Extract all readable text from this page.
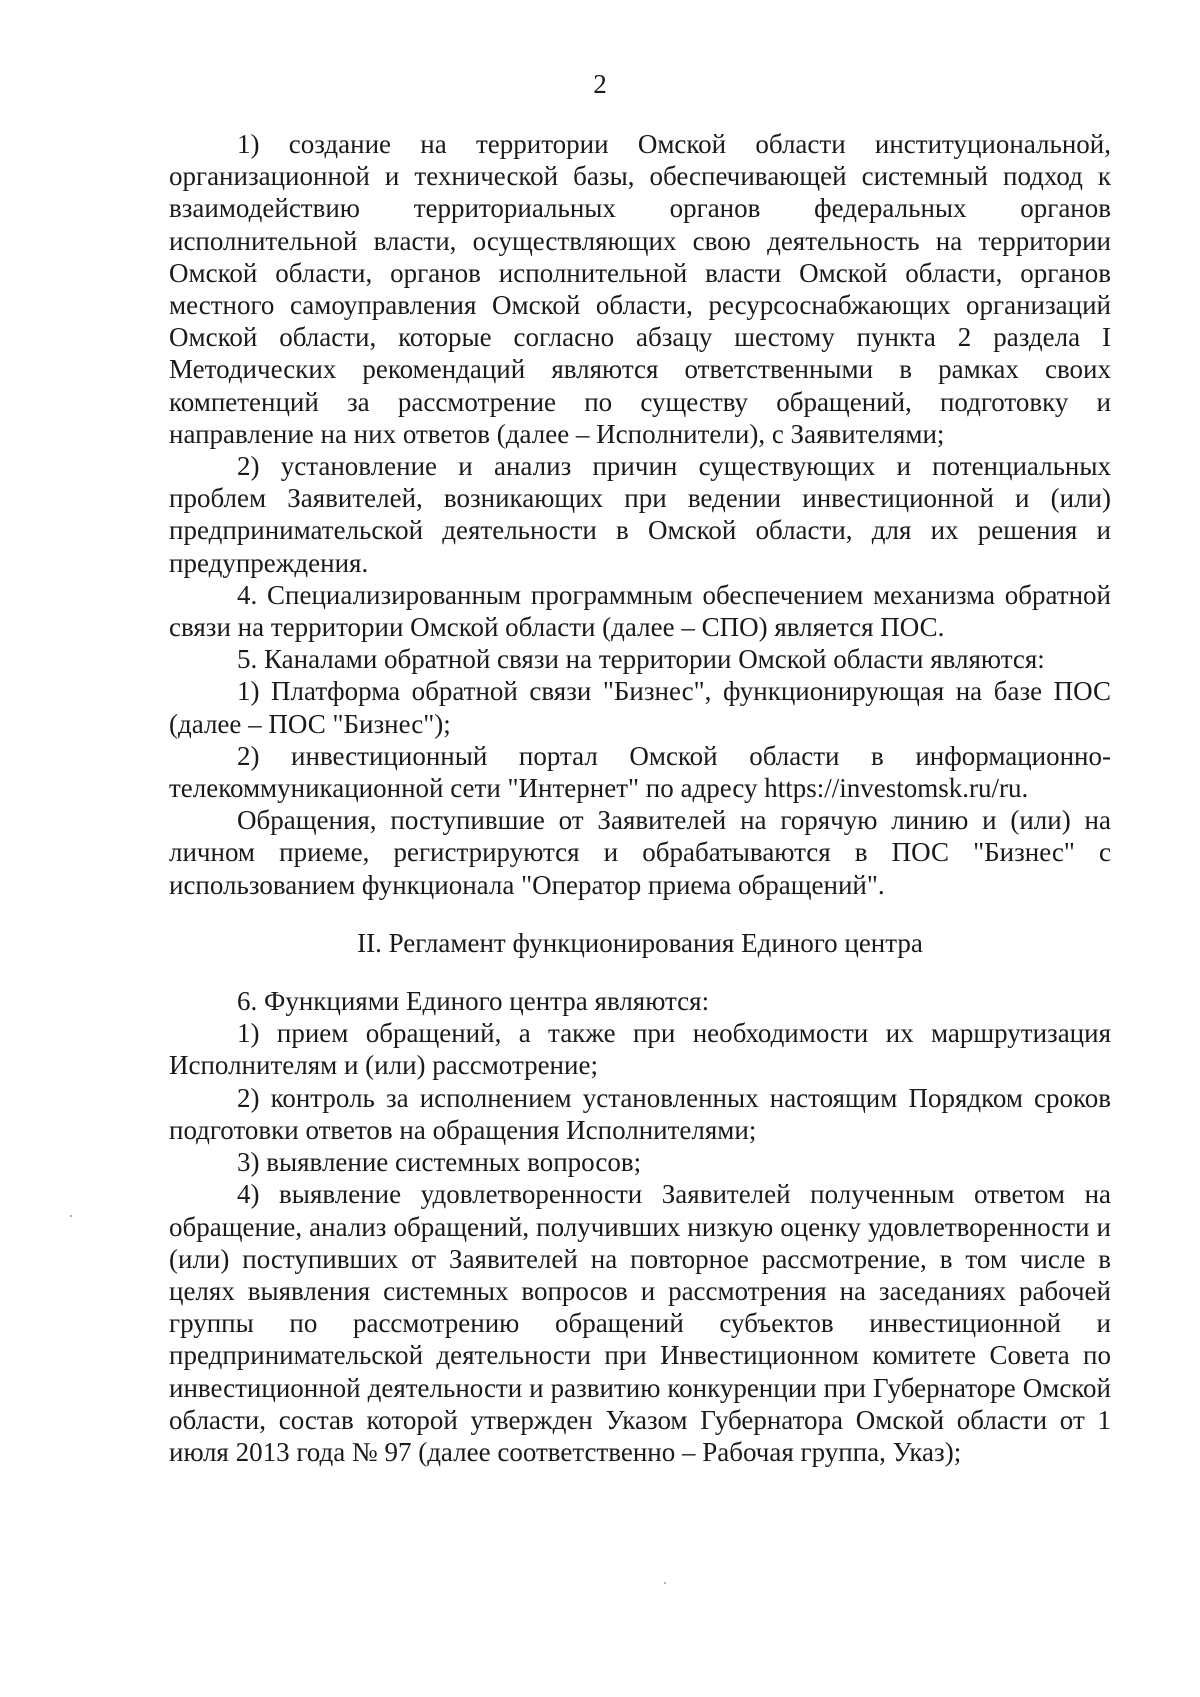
2

1) создание на территории Омской области институциональной, организационной и технической базы, обеспечивающей системный подход к взаимодействию территориальных органов федеральных органов исполнительной власти, осуществляющих свою деятельность на территории Омской области, органов исполнительной власти Омской области, органов местного самоуправления Омской области, ресурсоснабжающих организаций Омской области, которые согласно абзацу шестому пункта 2 раздела I Методических рекомендаций являются ответственными в рамках своих компетенций за рассмотрение по существу обращений, подготовку и направление на них ответов (далее – Исполнители), с Заявителями;

2) установление и анализ причин существующих и потенциальных проблем Заявителей, возникающих при ведении инвестиционной и (или) предпринимательской деятельности в Омской области, для их решения и предупреждения.

4. Специализированным программным обеспечением механизма обратной связи на территории Омской области (далее – СПО) является ПОС.

5. Каналами обратной связи на территории Омской области являются:

1) Платформа обратной связи "Бизнес", функционирующая на базе ПОС (далее – ПОС "Бизнес");

2) инвестиционный портал Омской области в информационно-телекоммуникационной сети "Интернет" по адресу https://investomsk.ru/ru.

Обращения, поступившие от Заявителей на горячую линию и (или) на личном приеме, регистрируются и обрабатываются в ПОС "Бизнес" с использованием функционала "Оператор приема обращений".

II. Регламент функционирования Единого центра

6. Функциями Единого центра являются:

1) прием обращений, а также при необходимости их маршрутизация Исполнителям и (или) рассмотрение;

2) контроль за исполнением установленных настоящим Порядком сроков подготовки ответов на обращения Исполнителями;

3) выявление системных вопросов;

4) выявление удовлетворенности Заявителей полученным ответом на обращение, анализ обращений, получивших низкую оценку удовлетворенности и (или) поступивших от Заявителей на повторное рассмотрение, в том числе в целях выявления системных вопросов и рассмотрения на заседаниях рабочей группы по рассмотрению обращений субъектов инвестиционной и предпринимательской деятельности при Инвестиционном комитете Совета по инвестиционной деятельности и развитию конкуренции при Губернаторе Омской области, состав которой утвержден Указом Губернатора Омской области от 1 июля 2013 года № 97 (далее соответственно – Рабочая группа, Указ);
